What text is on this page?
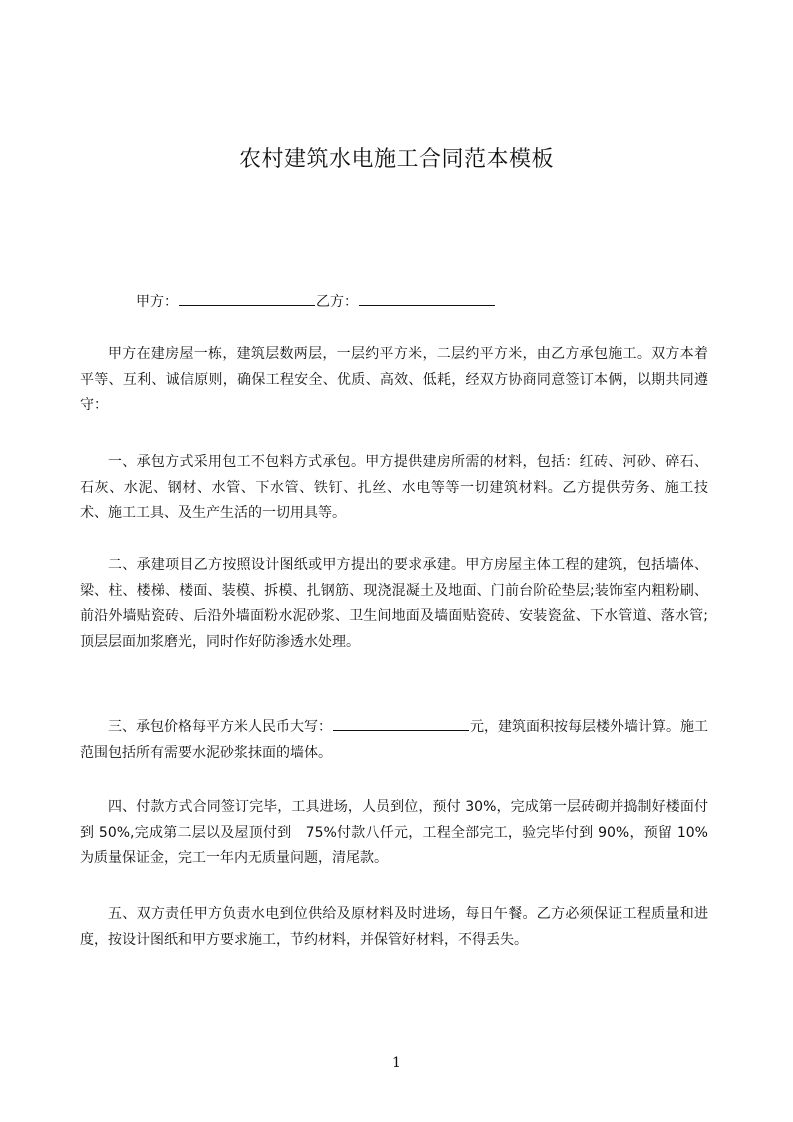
农村建筑水电施工合同范本模板
甲方：	乙方：

甲方在建房屋一栋，建筑层数两层，一层约平方米，二层约平方米，由乙方承包施工。双方本着平等、互利、诚信原则，确保工程安全、优质、高效、低耗，经双方协商同意签订本俩，以期共同遵守：

一、承包方式采用包工不包料方式承包。甲方提供建房所需的材料，包括：红砖、河砂、碎石、石灰、水泥、钢材、水管、下水管、铁钉、扎丝、水电等等一切建筑材料。乙方提供劳务、施工技术、施工工具、及生产生活的一切用具等。

二、承建项目乙方按照设计图纸或甲方提出的要求承建。甲方房屋主体工程的建筑，包括墙体、梁、柱、楼梯、楼面、装模、拆模、扎钢筋、现浇混凝土及地面、门前台阶砼垫层;装饰室内粗粉刷、前沿外墙贴瓷砖、后沿外墙面粉水泥砂浆、卫生间地面及墙面贴瓷砖、安装瓷盆、下水管道、落水管;顶层层面加浆磨光，同时作好防渗透水处理。

三、承包价格每平方米人民币大写：	元，建筑面积按每层楼外墙计算。施工范围包括所有需要水泥砂浆抹面的墙体。

四、付款方式合同签订完毕，工具进场，人员到位，预付 30%，完成第一层砖砌并捣制好楼面付到 50%,完成第二层以及屋顶付到　75%付款八仟元，工程全部完工，验完毕付到 90%，预留 10%为质量保证金，完工一年内无质量问题，清尾款。

五、双方责任甲方负责水电到位供给及原材料及时进场，每日午餐。乙方必须保证工程质量和进度，按设计图纸和甲方要求施工，节约材料，并保管好材料，不得丢失。

1
